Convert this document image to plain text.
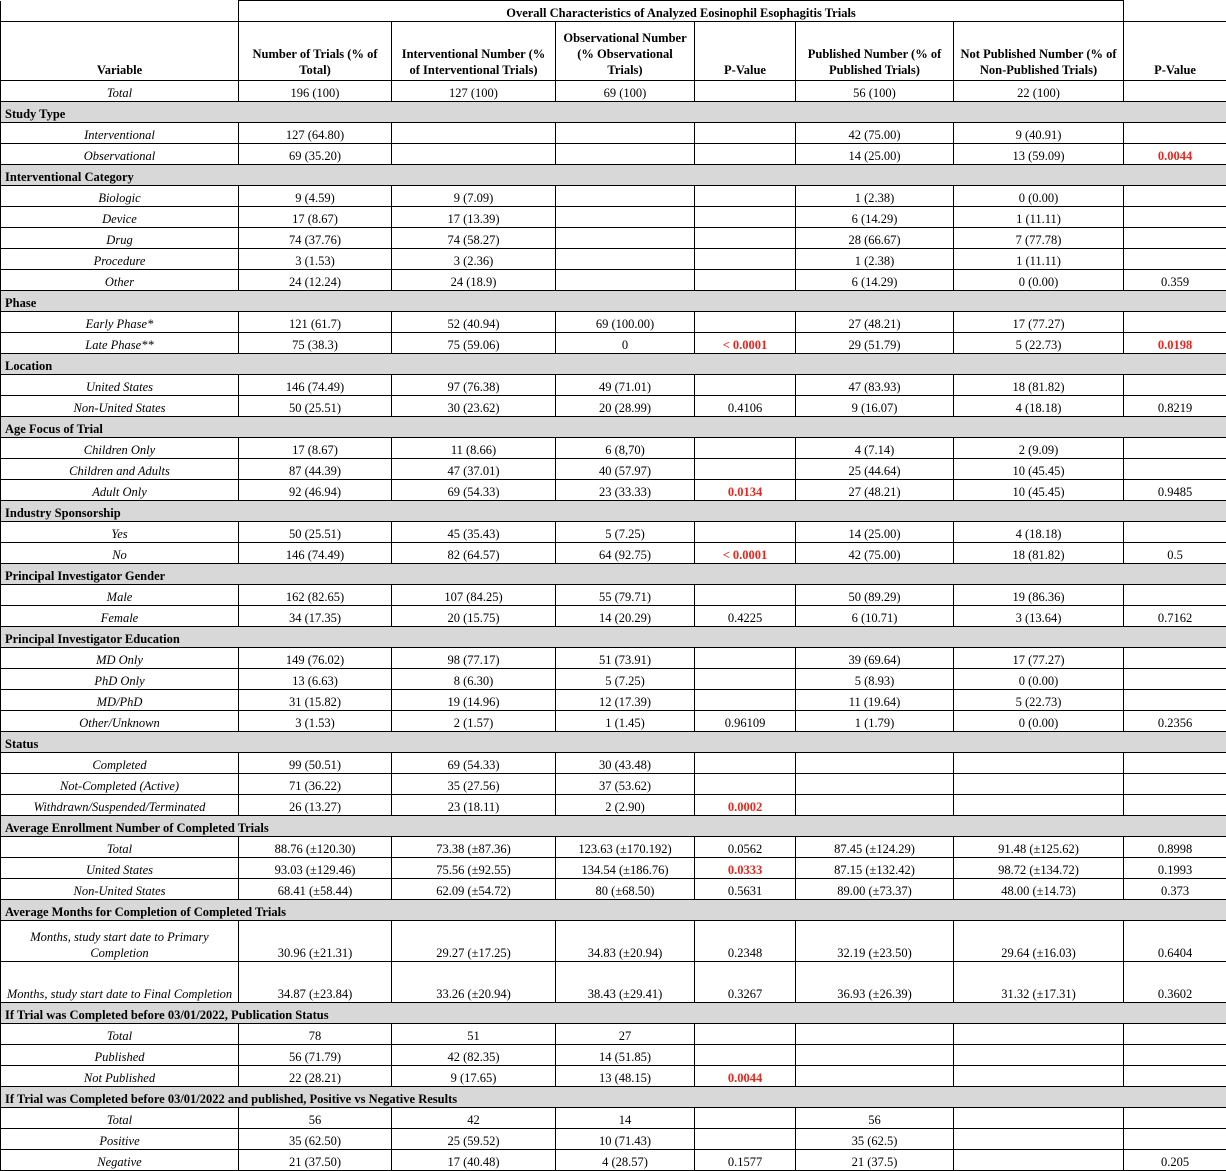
	Overall Characteristics of Analyzed Eosinophil Esophagitis Trials						
Variable	Number of Trials (% of Total)	Interventional Number (% of Interventional Trials)	Observational Number (% Observational Trials)	P-Value	Published Number (% of Published Trials)	Not Published Number (% of Non-Published Trials)	P-Value
Total	196 (100)	127 (100)	69 (100)		56 (100)	22 (100)	
Study Type							
Interventional	127 (64.80)				42 (75.00)	9 (40.91)	
Observational	69 (35.20)				14 (25.00)	13 (59.09)	0.0044
Interventional Category							
Biologic	9 (4.59)	9 (7.09)			1 (2.38)	0 (0.00)	
Device	17 (8.67)	17 (13.39)			6 (14.29)	1 (11.11)	
Drug	74 (37.76)	74 (58.27)			28 (66.67)	7 (77.78)	
Procedure	3 (1.53)	3 (2.36)			1 (2.38)	1 (11.11)	
Other	24 (12.24)	24 (18.9)			6 (14.29)	0 (0.00)	0.359
Phase							
Early Phase*	121 (61.7)	52 (40.94)	69 (100.00)		27 (48.21)	17 (77.27)	
Late Phase**	75 (38.3)	75 (59.06)	0	< 0.0001	29 (51.79)	5 (22.73)	0.0198
Location							
United States	146 (74.49)	97 (76.38)	49 (71.01)		47 (83.93)	18 (81.82)	
Non-United States	50 (25.51)	30 (23.62)	20 (28.99)	0.4106	9 (16.07)	4 (18.18)	0.8219
Age Focus of Trial							
Children Only	17 (8.67)	11 (8.66)	6 (8,70)		4 (7.14)	2 (9.09)	
Children and Adults	87 (44.39)	47 (37.01)	40 (57.97)		25 (44.64)	10 (45.45)	
Adult Only	92 (46.94)	69 (54.33)	23 (33.33)	0.0134	27 (48.21)	10 (45.45)	0.9485
Industry Sponsorship							
Yes	50 (25.51)	45 (35.43)	5 (7.25)		14 (25.00)	4 (18.18)	
No	146 (74.49)	82 (64.57)	64 (92.75)	< 0.0001	42 (75.00)	18 (81.82)	0.5
Principal Investigator Gender							
Male	162 (82.65)	107 (84.25)	55 (79.71)		50 (89.29)	19 (86.36)	
Female	34 (17.35)	20 (15.75)	14 (20.29)	0.4225	6 (10.71)	3 (13.64)	0.7162
Principal Investigator Education							
MD Only	149 (76.02)	98 (77.17)	51 (73.91)		39 (69.64)	17 (77.27)	
PhD Only	13 (6.63)	8 (6.30)	5 (7.25)		5 (8.93)	0 (0.00)	
MD/PhD	31 (15.82)	19 (14.96)	12 (17.39)		11 (19.64)	5 (22.73)	
Other/Unknown	3 (1.53)	2 (1.57)	1 (1.45)	0.96109	1 (1.79)	0 (0.00)	0.2356
Status							
Completed	99 (50.51)	69 (54.33)	30 (43.48)				
Not-Completed (Active)	71 (36.22)	35 (27.56)	37 (53.62)				
Withdrawn/Suspended/Terminated	26 (13.27)	23 (18.11)	2 (2.90)	0.0002			
Average Enrollment Number of Completed Trials							
Total	88.76 (±120.30)	73.38 (±87.36)	123.63 (±170.192)	0.0562	87.45 (±124.29)	91.48 (±125.62)	0.8998
United States	93.03 (±129.46)	75.56 (±92.55)	134.54 (±186.76)	0.0333	87.15 (±132.42)	98.72 (±134.72)	0.1993
Non-United States	68.41 (±58.44)	62.09 (±54.72)	80 (±68.50)	0.5631	89.00 (±73.37)	48.00 (±14.73)	0.373
Average Months for Completion of Completed Trials							
Months, study start date to Primary Completion	30.96 (±21.31)	29.27 (±17.25)	34.83 (±20.94)	0.2348	32.19 (±23.50)	29.64 (±16.03)	0.6404
Months, study start date to Final Completion	34.87 (±23.84)	33.26 (±20.94)	38.43 (±29.41)	0.3267	36.93 (±26.39)	31.32 (±17.31)	0.3602
If Trial was Completed before 03/01/2022, Publication Status							
Total	78	51	27				
Published	56 (71.79)	42 (82.35)	14 (51.85)				
Not Published	22 (28.21)	9 (17.65)	13 (48.15)	0.0044			
If Trial was Completed before 03/01/2022 and published, Positive vs Negative Results							
Total	56	42	14		56		
Positive	35 (62.50)	25 (59.52)	10 (71.43)		35 (62.5)		
Negative	21 (37.50)	17 (40.48)	4 (28.57)	0.1577	21 (37.5)		0.205
